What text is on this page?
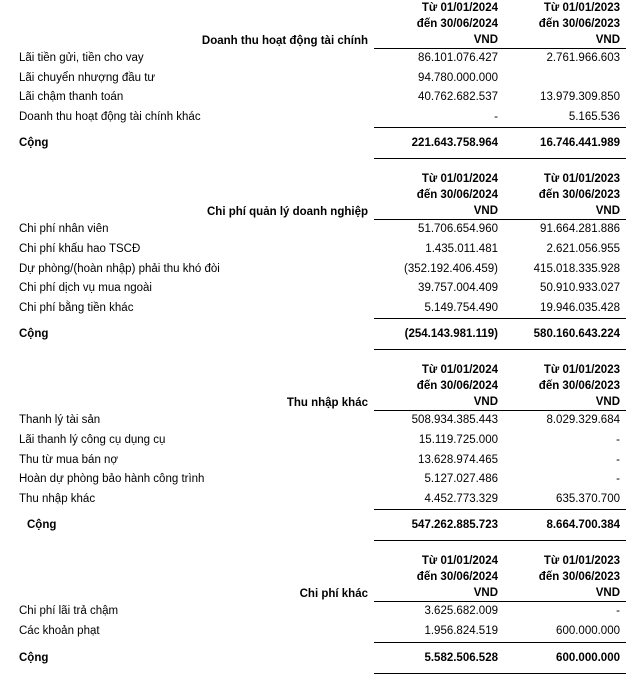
	Từ 01/01/2024	Từ 01/01/2023
	đến 30/06/2024	đến 30/06/2023
Doanh thu hoạt động tài chính	VND	VND
Lãi tiền gửi, tiền cho vay	86.101.076.427	2.761.966.603
Lãi chuyển nhượng đầu tư	94.780.000.000	
Lãi chậm thanh toán	40.762.682.537	13.979.309.850
Doanh thu hoạt động tài chính khác	-	5.165.536
Cộng	221.643.758.964	16.746.441.989

	Từ 01/01/2024	Từ 01/01/2023
	đến 30/06/2024	đến 30/06/2023
Chi phí quản lý doanh nghiệp	VND	VND
Chi phí nhân viên	51.706.654.960	91.664.281.886
Chi phí khấu hao TSCĐ	1.435.011.481	2.621.056.955
Dự phòng/(hoàn nhập) phải thu khó đòi	(352.192.406.459)	415.018.335.928
Chi phí dịch vụ mua ngoài	39.757.004.409	50.910.933.027
Chi phí bằng tiền khác	5.149.754.490	19.946.035.428
Cộng	(254.143.981.119)	580.160.643.224

	Từ 01/01/2024	Từ 01/01/2023
	đến 30/06/2024	đến 30/06/2023
Thu nhập khác	VND	VND
Thanh lý tài sản	508.934.385.443	8.029.329.684
Lãi thanh lý công cụ dụng cụ	15.119.725.000	-
Thu từ mua bán nợ	13.628.974.465	-
Hoàn dự phòng bảo hành công trình	5.127.027.486	-
Thu nhập khác	4.452.773.329	635.370.700
Cộng	547.262.885.723	8.664.700.384

	Từ 01/01/2024	Từ 01/01/2023
	đến 30/06/2024	đến 30/06/2023
Chi phí khác	VND	VND
Chi phí lãi trả chậm	3.625.682.009	-
Các khoản phạt	1.956.824.519	600.000.000
Cộng	5.582.506.528	600.000.000
